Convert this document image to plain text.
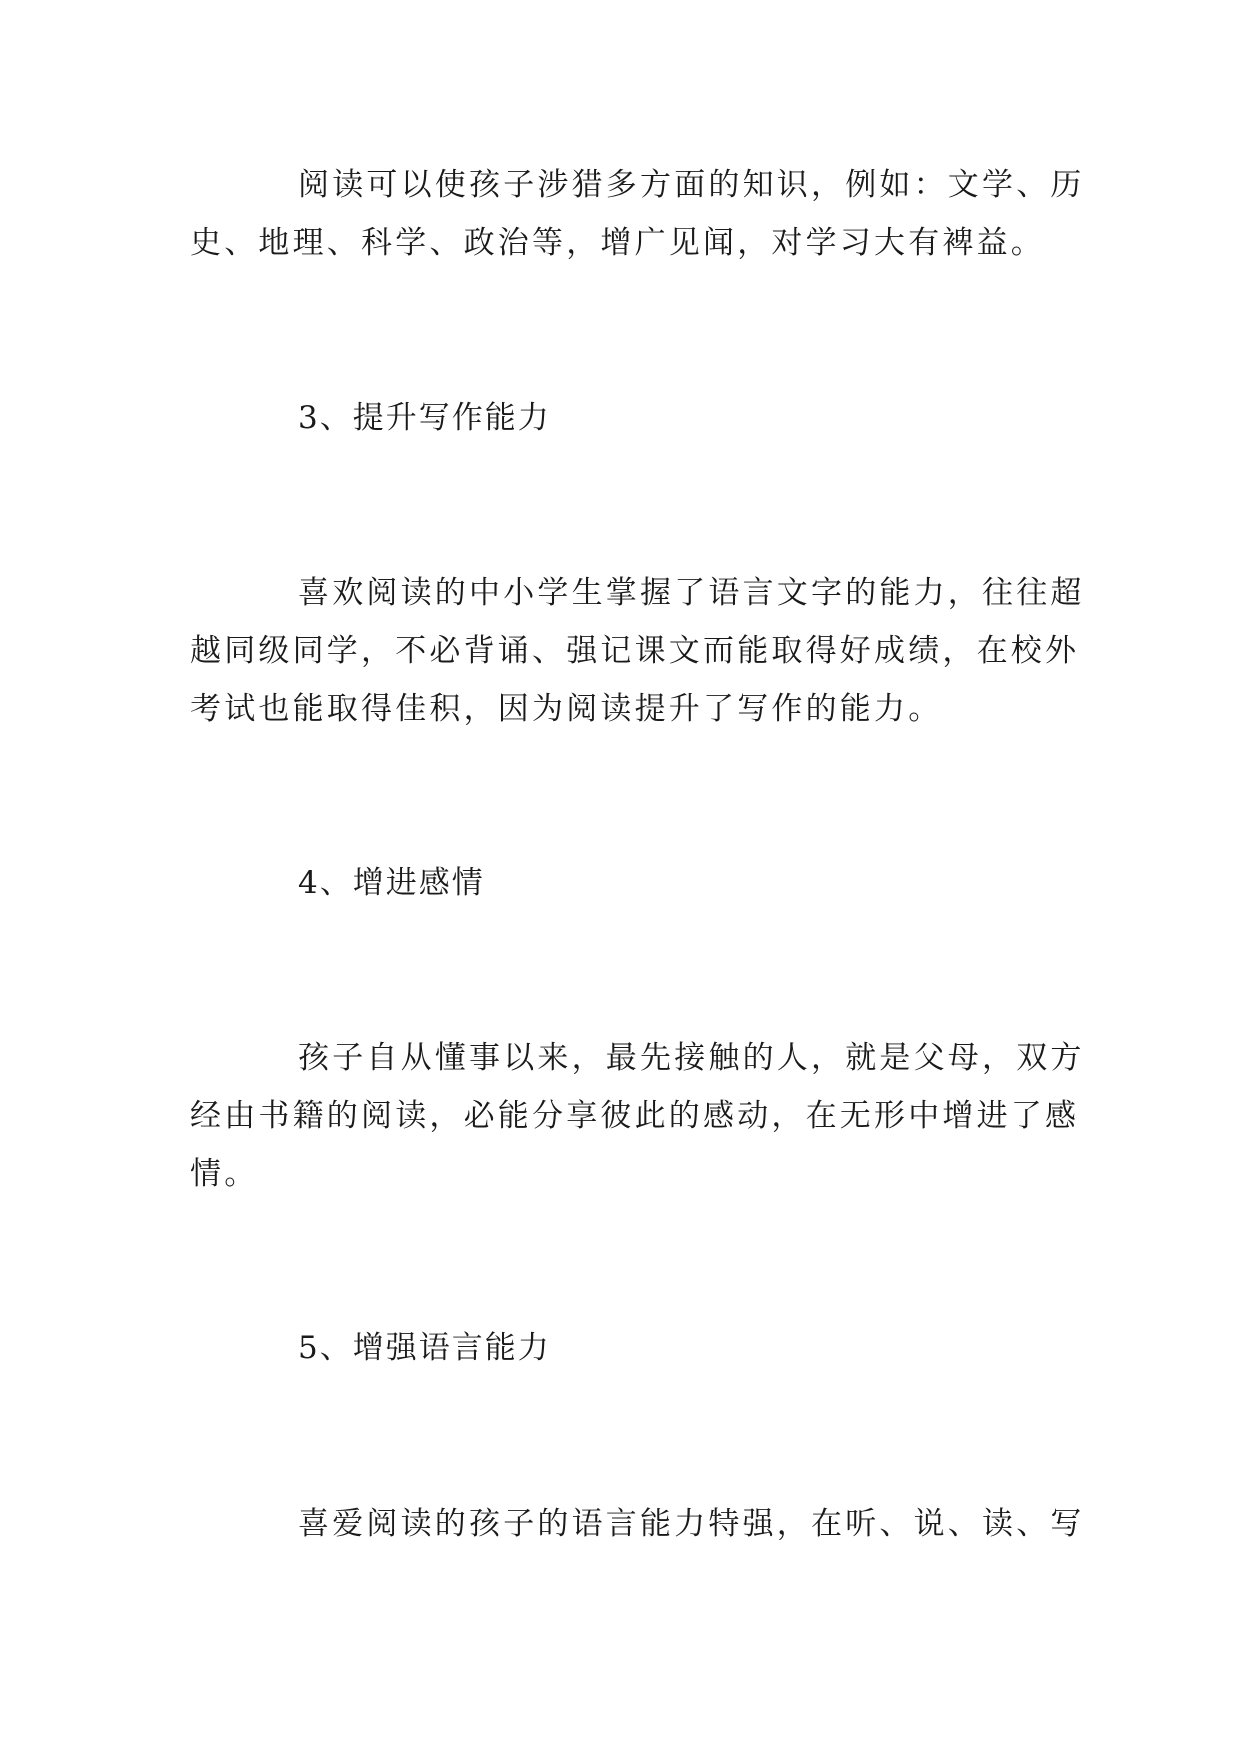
阅读可以使孩子涉猎多方面的知识，例如：文学、历

史、地理、科学、政治等，增广见闻，对学习大有裨益。

3、提升写作能力

喜欢阅读的中小学生掌握了语言文字的能力，往往超

越同级同学，不必背诵、强记课文而能取得好成绩，在校外

考试也能取得佳积，因为阅读提升了写作的能力。

4、增进感情

孩子自从懂事以来，最先接触的人，就是父母，双方

经由书籍的阅读，必能分享彼此的感动，在无形中增进了感

情。

5、增强语言能力

喜爱阅读的孩子的语言能力特强，在听、说、读、写
